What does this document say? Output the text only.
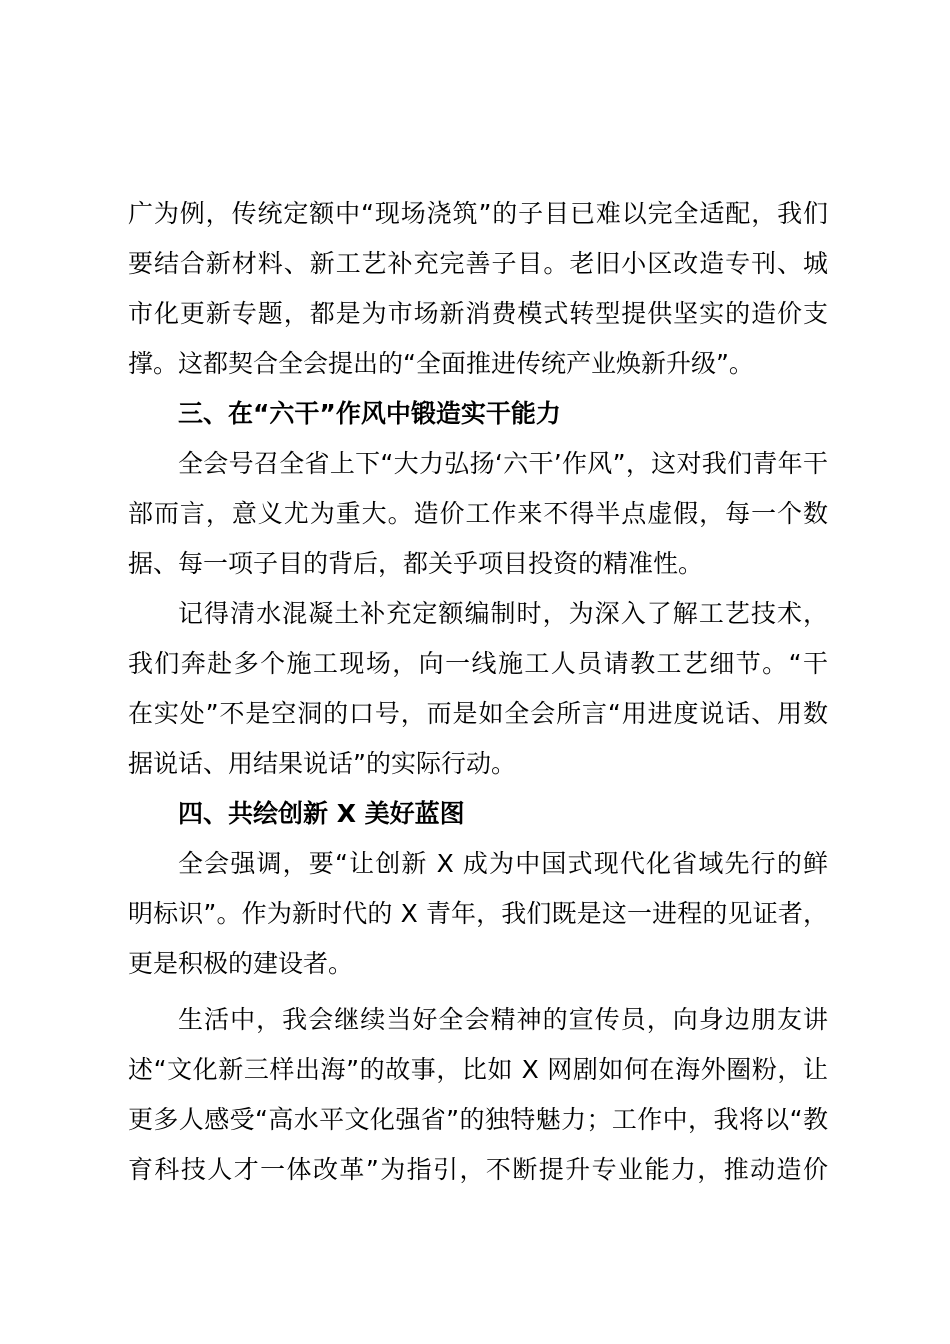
广为例，传统定额中“现场浇筑”的子目已难以完全适配，我们
要结合新材料、新工艺补充完善子目。老旧小区改造专刊、城
市化更新专题，都是为市场新消费模式转型提供坚实的造价支
撑。这都契合全会提出的“全面推进传统产业焕新升级”。
三、在“六干”作风中锻造实干能力
全会号召全省上下“大力弘扬‘六干’作风”，这对我们青年干
部而言，意义尤为重大。造价工作来不得半点虚假，每一个数
据、每一项子目的背后，都关乎项目投资的精准性。
记得清水混凝土补充定额编制时，为深入了解工艺技术，
我们奔赴多个施工现场，向一线施工人员请教工艺细节。“干
在实处”不是空洞的口号，而是如全会所言“用进度说话、用数
据说话、用结果说话”的实际行动。
四、共绘创新 X 美好蓝图
全会强调，要“让创新 X 成为中国式现代化省域先行的鲜
明标识”。作为新时代的 X 青年，我们既是这一进程的见证者，
更是积极的建设者。
生活中，我会继续当好全会精神的宣传员，向身边朋友讲
述“文化新三样出海”的故事，比如 X 网剧如何在海外圈粉，让
更多人感受“高水平文化强省”的独特魅力；工作中，我将以“教
育科技人才一体改革”为指引，不断提升专业能力，推动造价
